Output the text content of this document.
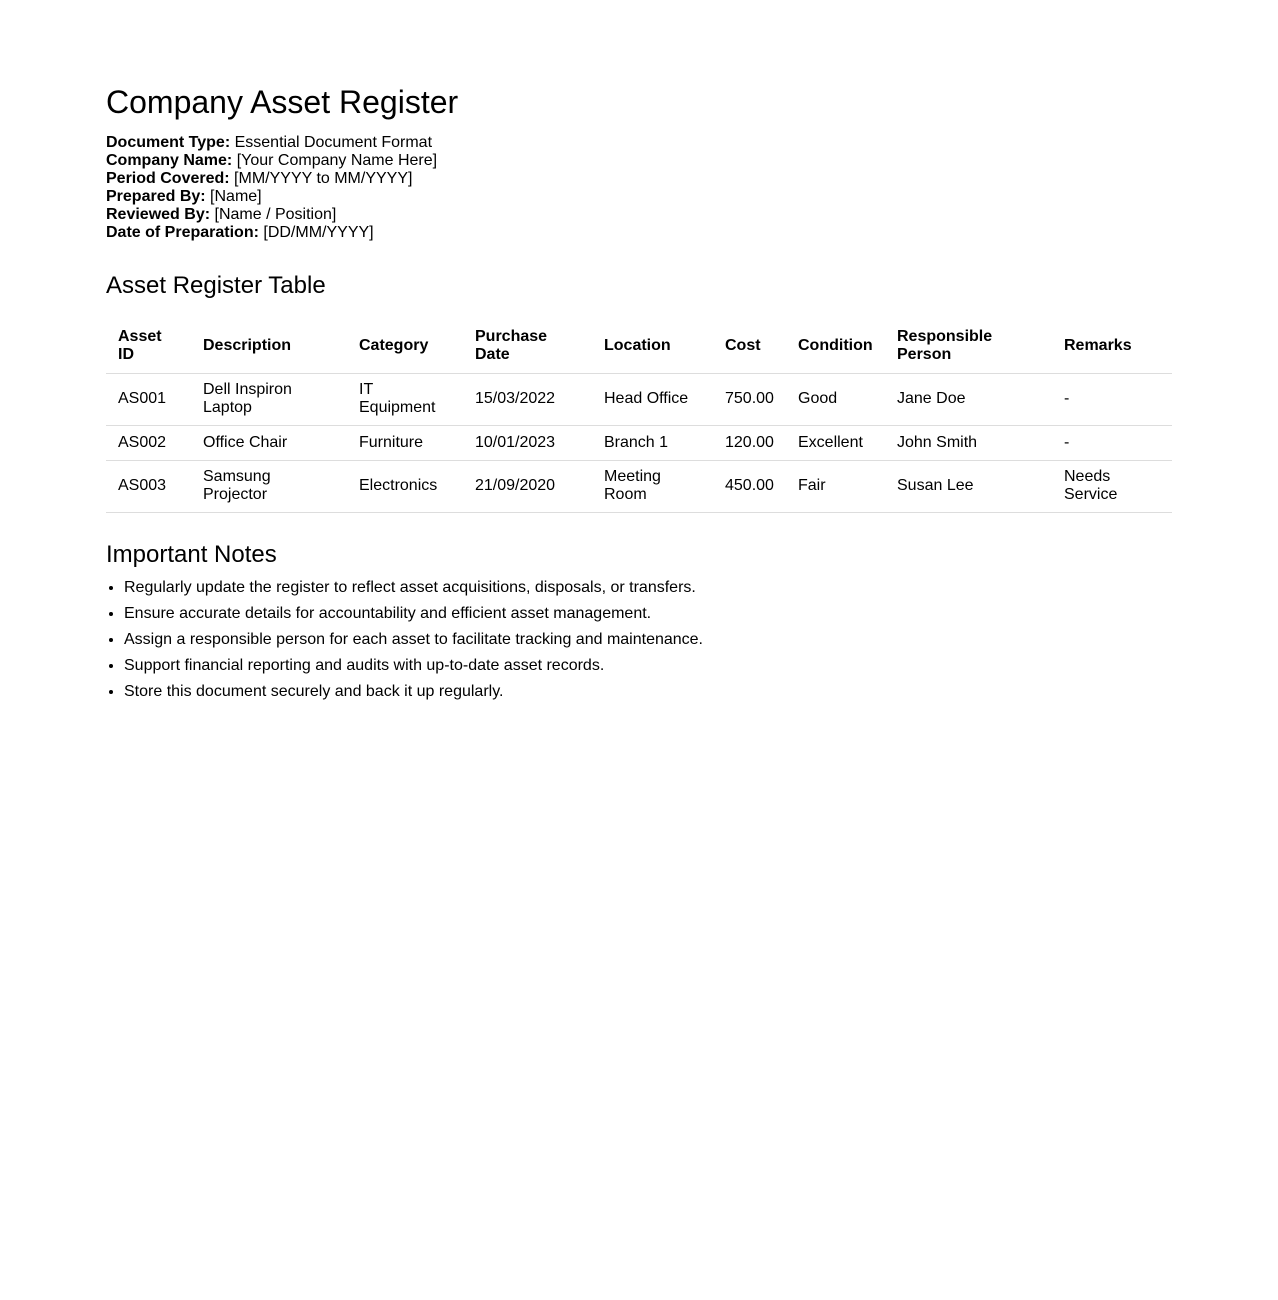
Company Asset Register
Document Type: Essential Document Format
Company Name: [Your Company Name Here]
Period Covered: [MM/YYYY to MM/YYYY]
Prepared By: [Name]
Reviewed By: [Name / Position]
Date of Preparation: [DD/MM/YYYY]
Asset Register Table
Asset ID	Description	Category	Purchase Date	Location	Cost	Condition	Responsible Person	Remarks
AS001	Dell Inspiron Laptop	IT Equipment	15/03/2022	Head Office	750.00	Good	Jane Doe	-
AS002	Office Chair	Furniture	10/01/2023	Branch 1	120.00	Excellent	John Smith	-
AS003	Samsung Projector	Electronics	21/09/2020	Meeting Room	450.00	Fair	Susan Lee	Needs Service
Important Notes
• Regularly update the register to reflect asset acquisitions, disposals, or transfers.
• Ensure accurate details for accountability and efficient asset management.
• Assign a responsible person for each asset to facilitate tracking and maintenance.
• Support financial reporting and audits with up-to-date asset records.
• Store this document securely and back it up regularly.
